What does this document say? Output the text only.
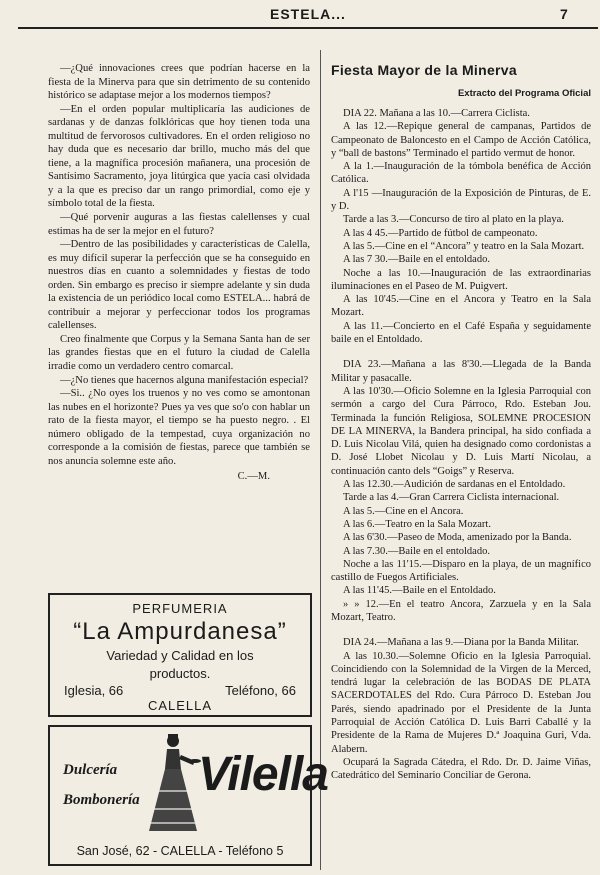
ESTELA...	7

—¿Qué innovaciones crees que podrían hacerse en la fiesta de la Minerva para que sin detrimento de su contenido histórico se adaptase mejor a los modernos tiempos?

—En el orden popular multiplicaría las audiciones de sardanas y de danzas folklóricas que hoy tienen toda una multitud de fervorosos cultivadores. En el orden religioso no hay duda que es necesario dar brillo, mucho más del que tiene, a la magnífica procesión mañanera, una procesión de Santísimo Sacramento, joya litúrgica que yacía casi olvidada y a la que es preciso dar un rango primordial, como eje y símbolo total de la fiesta.

—Qué porvenir auguras a las fiestas calellenses y cual estimas ha de ser la mejor en el futuro?

—Dentro de las posibilidades y características de Calella, es muy difícil superar la perfección que se ha conseguido en nuestros días en cuanto a solemnidades y fiestas de todo orden. Sin embargo es preciso ir siempre adelante y sin duda la existencia de un periódico local como ESTELA... habrá de contribuir a mejorar y perfeccionar todos los programas calellenses.

Creo finalmente que Corpus y la Semana Santa han de ser las grandes fiestas que en el futuro la ciudad de Calella irradie como un verdadero centro comarcal.

—¿No tienes que hacernos alguna manifestación especial?

—Si.. ¿No oyes los truenos y no ves como se amontonan las nubes en el horizonte? Pues ya ves que so'o con hablar un rato de la fiesta mayor, el tiempo se ha puesto negro. . El número obligado de la tempestad, cuya organización no corresponde a la comisión de fiestas, parece que también se nos anuncia solemne este año.

C.—M.

PERFUMERIA
“La Ampurdanesa”
Variedad y Calidad en los
productos.
Iglesia, 66	Teléfono, 66
CALELLA
Dulcería
Bombonería Vilella
San José, 62 - CALELLA - Teléfono 5
Fiesta Mayor de la Minerva
Extracto del Programa Oficial

DIA 22. Mañana a las 10.—Carrera Ciclista.

A las 12.—Repique general de campanas, Partidos de Campeonato de Baloncesto en el Campo de Acción Católica, y “ball de bastons” Terminado el partido vermut de honor.

A la 1.—Inauguración de la tómbola benéfica de Acción Católica.

A l'15 —Inauguración de la Exposición de Pinturas, de E. y D.

Tarde a las 3.—Concurso de tiro al plato en la playa.

A las 4 45.—Partido de fútbol de campeonato.

A las 5.—Cine en el “Ancora” y teatro en la Sala Mozart.

A las 7 30.—Baile en el entoldado.

Noche a las 10.—Inauguración de las extraordinarias iluminaciones en el Paseo de M. Puigvert.

A las 10'45.—Cine en el Ancora y Teatro en la Sala Mozart.

A las 11.—Concierto en el Café España y seguidamente baile en el Entoldado.

DIA 23.—Mañana a las 8'30.—Llegada de la Banda Militar y pasacalle.

A las 10'30.—Oficio Solemne en la Iglesia Parroquial con sermón a cargo del Cura Párroco, Rdo. Esteban Jou. Terminada la función Religiosa, SOLEMNE PROCESION DE LA MINERVA, la Bandera principal, ha sido confiada a D. Luis Nicolau Vilá, quien ha designado como cordonistas a D. José Llobet Nicolau y D. Luis Martí Nicolau, a continuación canto dels “Goigs” y Reserva.

A las 12.30.—Audición de sardanas en el Entoldado.

Tarde a las 4.—Gran Carrera Ciclista internacional.

A las 5.—Cine en el Ancora.

A las 6.—Teatro en la Sala Mozart.

A las 6'30.—Paseo de Moda, amenizado por la Banda.

A las 7.30.—Baile en el entoldado.

Noche a las 11'15.—Disparo en la playa, de un magnífico castillo de Fuegos Artificiales.

A las 11'45.—Baile en el Entoldado.

» » 12.—En el teatro Ancora, Zarzuela y en la Sala Mozart, Teatro.

DIA 24.—Mañana a las 9.—Diana por la Banda Militar.

A las 10.30.—Solemne Oficio en la Iglesia Parroquial. Coincidiendo con la Solemnidad de la Virgen de la Merced, tendrá lugar la celebración de las BODAS DE PLATA SACERDOTALES del Rdo. Cura Párroco D. Esteban Jou Parés, siendo apadrinado por el Presidente de la Junta Parroquial de Acción Católica D. Luis Barri Caballé y la Presidente de la Rama de Mujeres D.ª Joaquina Guri, Vda. Alabern.

Ocupará la Sagrada Cátedra, el Rdo. Dr. D. Jaime Viñas, Catedrático del Seminario Conciliar de Gerona.
